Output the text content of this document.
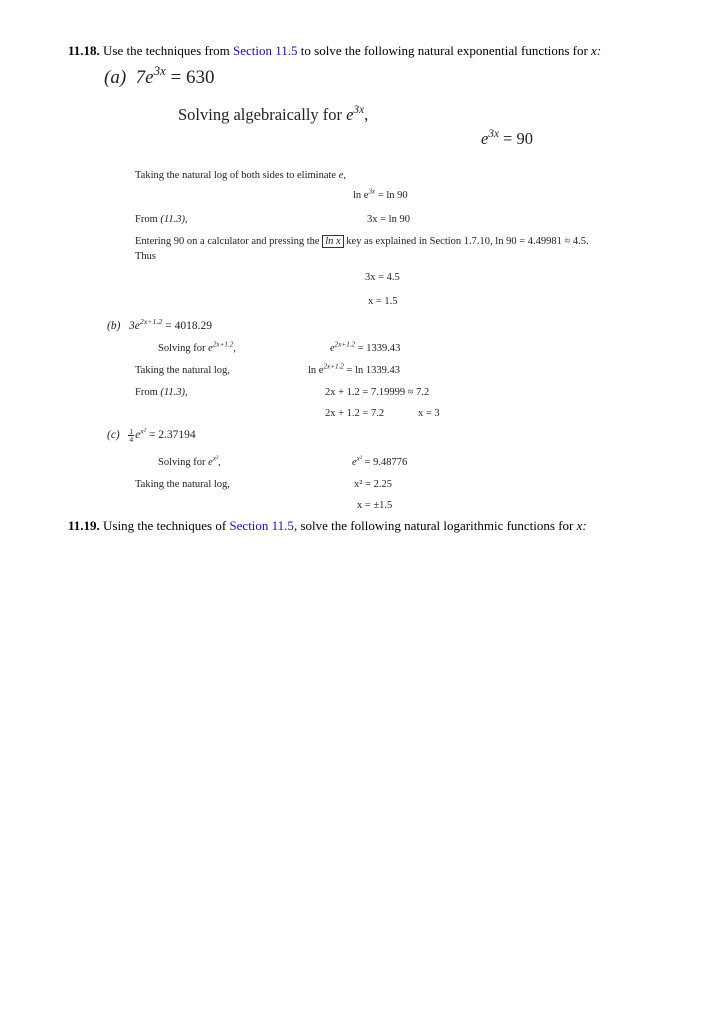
11.18. Use the techniques from Section 11.5 to solve the following natural exponential functions for x:
(a) $7e^{3x} = 630$
Solving algebraically for $e^{3x}$,
$e^{3x} = 90$
Taking the natural log of both sides to eliminate e,
$\ln e^{3x} = \ln 90$
From (11.3),	3x = ln 90
Entering 90 on a calculator and pressing the ln x key as explained in Section 1.7.10, ln 90 = 4.49981 ≈ 4.5.
Thus
3x = 4.5
x = 1.5
(b) $3e^{2x+1.2} = 4018.29$
Solving for $e^{2x+1.2}$,	$e^{2x+1.2} = 1339.43$
Taking the natural log,	$\ln e^{2x+1.2} = \ln 1339.43$
From (11.3),	2x + 1.2 = 7.19999 ≈ 7.2
2x + 1.2 = 7.2	x = 3
$(c) \frac{1}{4} e^{x^2} = 2.37194$
Solving for $e^{x^2}$,	$e^{x^2} = 9.48776$
Taking the natural log,	x² = 2.25
x = ±1.5
11.19. Using the techniques of Section 11.5, solve the following natural logarithmic functions for x:
